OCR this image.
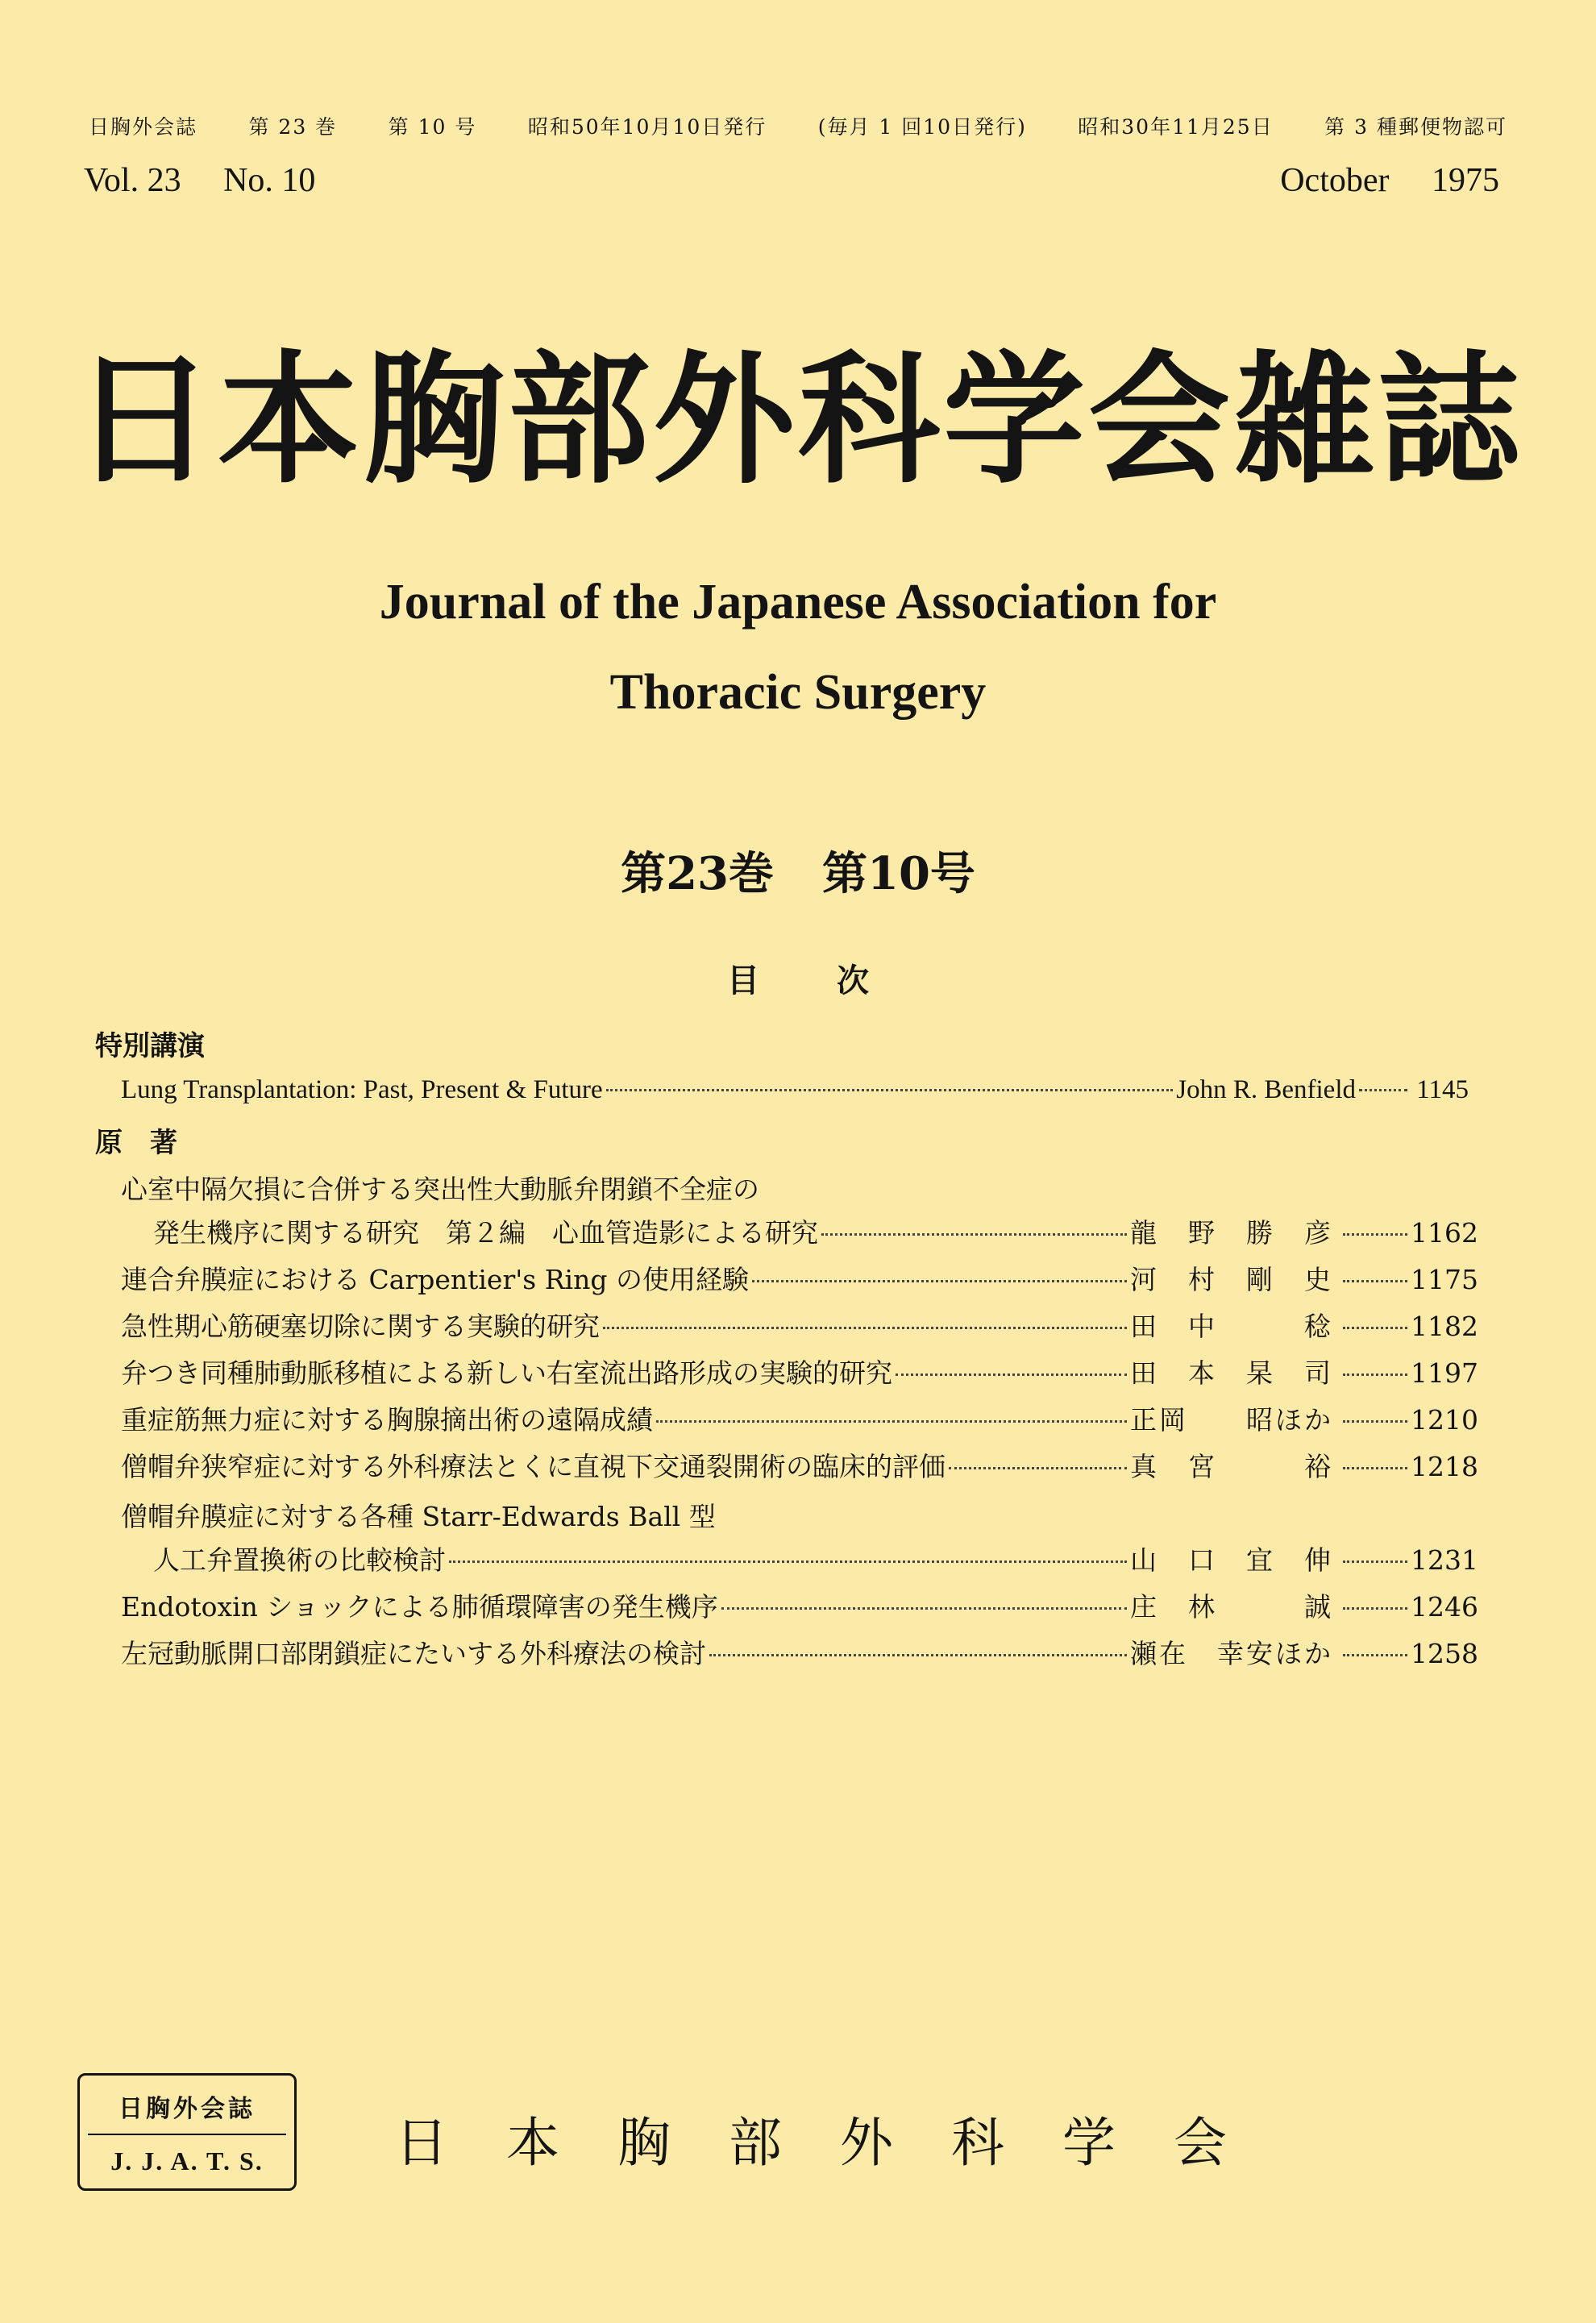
日胸外会誌	第 23 巻	第 10 号	昭和50年10月10日発行	(毎月 1 回10日発行)	昭和30年11月25日	第 3 種郵便物認可
Vol. 23 No. 10	October 1975
日本胸部外科学会雑誌
Journal of the Japanese Association for
Thoracic Surgery
第23巻 第10号
目次
特別講演
Lung Transplantation: Past, Present & Future	John R. Benfield 1145
原　著
心室中隔欠損に合併する突出性大動脈弁閉鎖不全症の
発生機序に関する研究　第２編　心血管造影による研究	龍　野　勝　彦	1162
連合弁膜症における Carpentier's Ring の使用経験	河　村　剛　史	1175
急性期心筋硬塞切除に関する実験的研究	田　中　　　稔	1182
弁つき同種肺動脈移植による新しい右室流出路形成の実験的研究	田　本　杲　司	1197
重症筋無力症に対する胸腺摘出術の遠隔成績	正岡　　昭ほか	1210
僧帽弁狭窄症に対する外科療法とくに直視下交通裂開術の臨床的評価	真　宮　　　裕	1218
僧帽弁膜症に対する各種 Starr-Edwards Ball 型
人工弁置換術の比較検討	山　口　宜　伸	1231
Endotoxin ショックによる肺循環障害の発生機序	庄　林　　　誠	1246
左冠動脈開口部閉鎖症にたいする外科療法の検討	瀬在　幸安ほか	1258
日胸外会誌
J. J. A. T. S.	日本胸部外科学会
